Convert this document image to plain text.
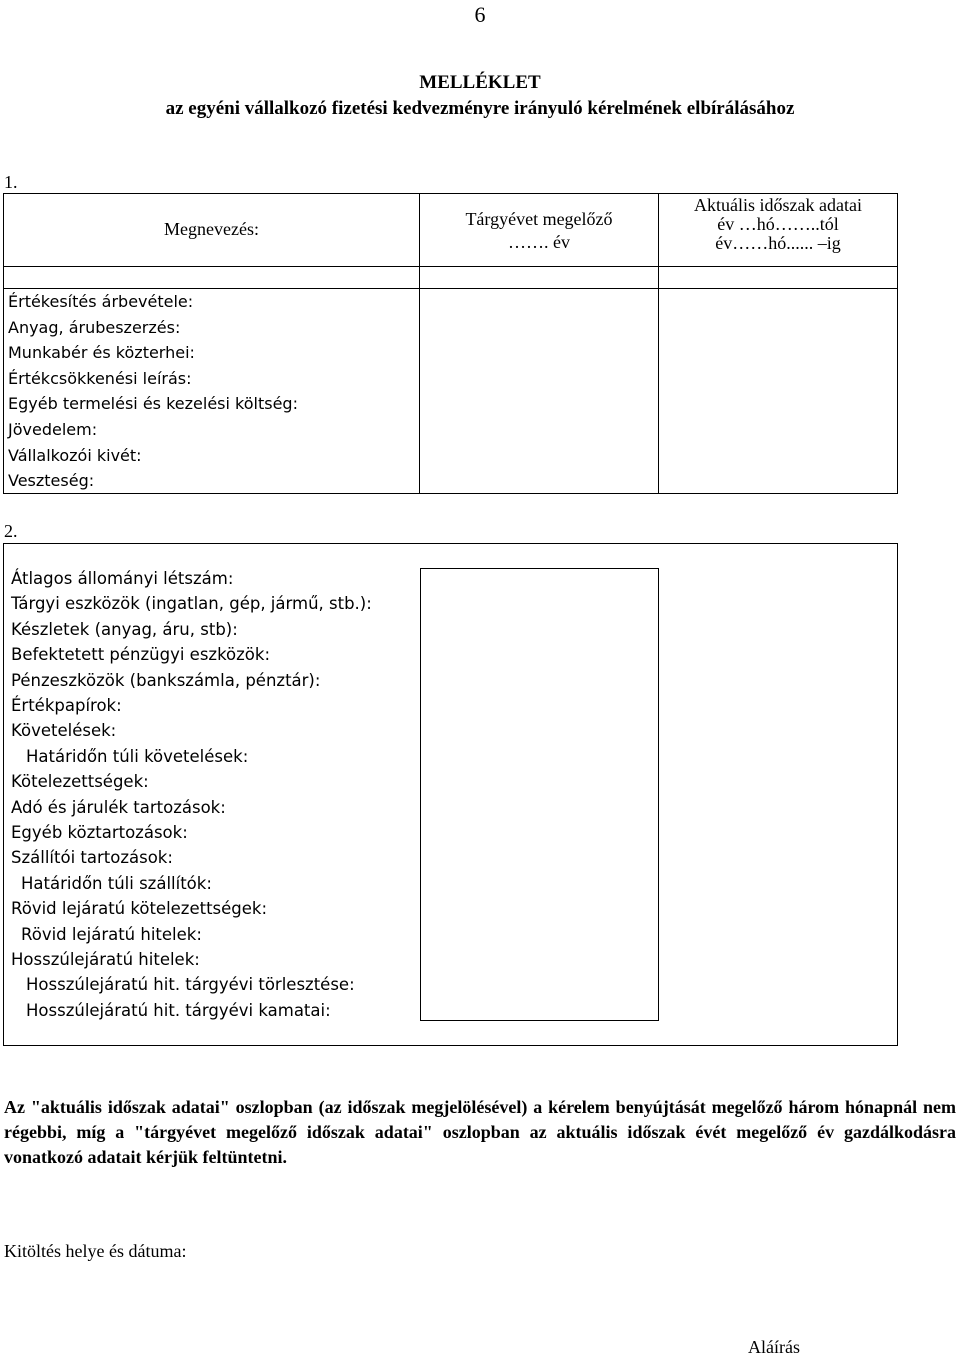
6
MELLÉKLET
az egyéni vállalkozó fizetési kedvezményre irányuló kérelmének elbírálásához
1.
Megnevezés:	Tárgyévet megelőző
……. év
Aktuális időszak adatai
év …hó……..tól
év……hó...... –ig
Értékesítés árbevétele:
Anyag, árubeszerzés:
Munkabér és közterhei:
Értékcsökkenési leírás:
Egyéb termelési és kezelési költség:
Jövedelem:
Vállalkozói kivét:
Veszteség:
2.
Átlagos állományi létszám:
Tárgyi eszközök (ingatlan, gép, jármű, stb.):
Készletek (anyag, áru, stb):
Befektetett pénzügyi eszközök:
Pénzeszközök (bankszámla, pénztár):
Értékpapírok:
Követelések:
Határidőn túli követelések:
Kötelezettségek:
Adó és járulék tartozások:
Egyéb köztartozások:
Szállítói tartozások:
Határidőn túli szállítók:
Rövid lejáratú kötelezettségek:
Rövid lejáratú hitelek:
Hosszúlejáratú hitelek:
Hosszúlejáratú hit. tárgyévi törlesztése:
Hosszúlejáratú hit. tárgyévi kamatai:
Az "aktuális időszak adatai" oszlopban (az időszak megjelölésével) a kérelem benyújtását megelőző három hónapnál nem régebbi, míg a "tárgyévet megelőző időszak adatai" oszlopban az aktuális időszak évét megelőző év gazdálkodásra vonatkozó adatait kérjük feltüntetni.
Kitöltés helye és dátuma:
Aláírás
